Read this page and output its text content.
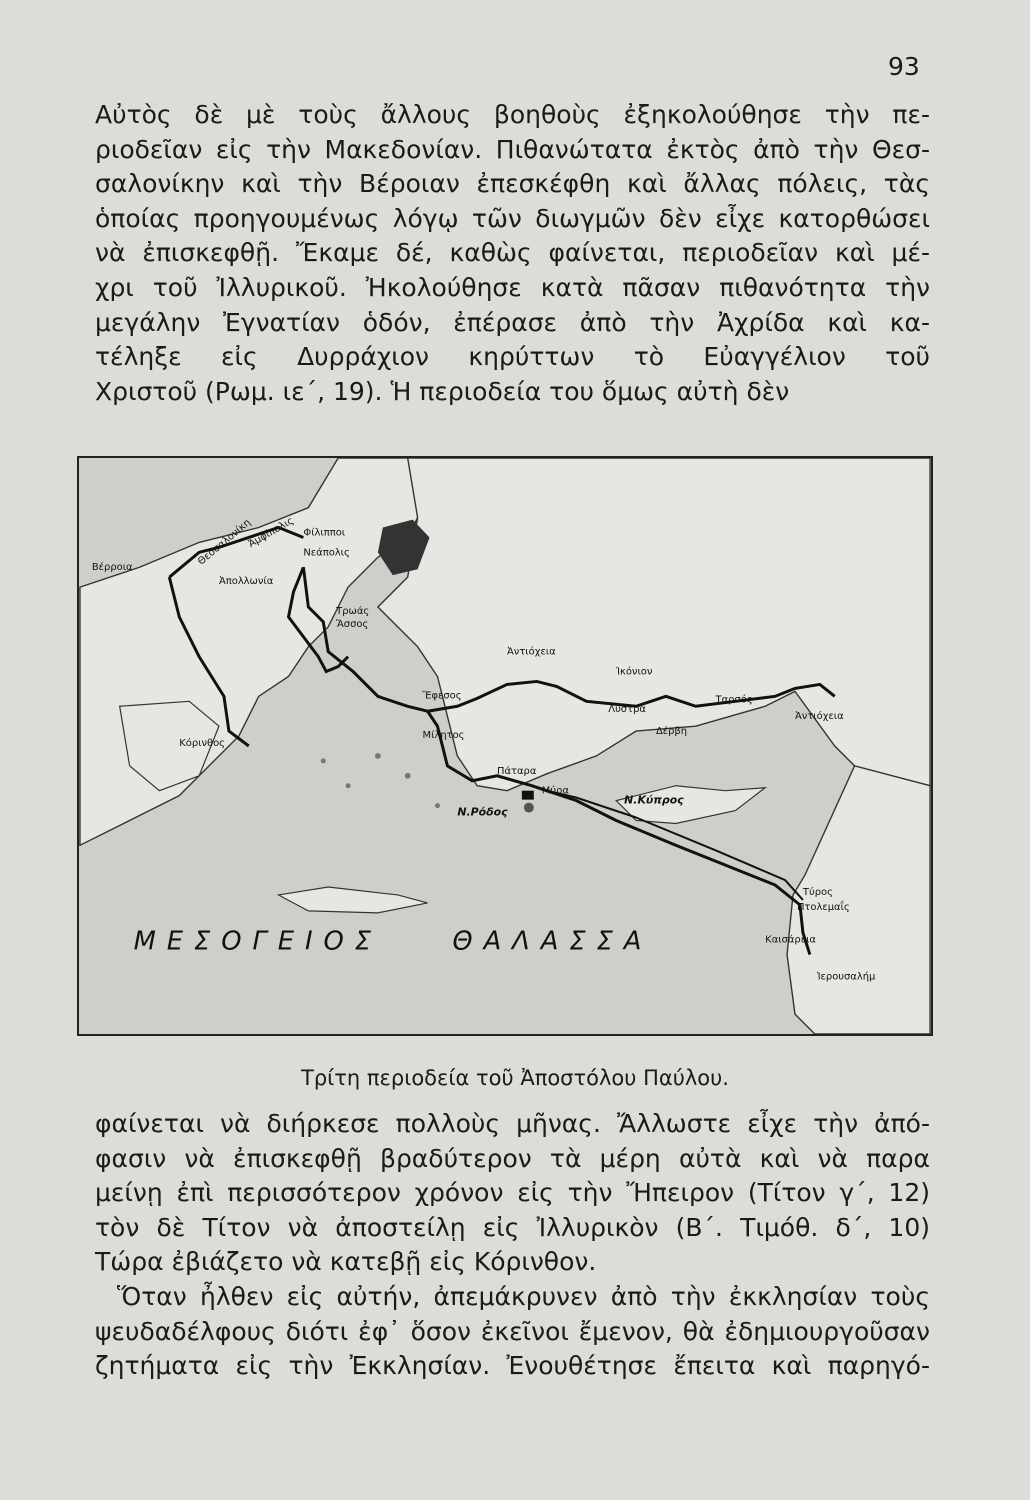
93
Αὐτὸς δὲ μὲ τοὺς ἄλλους βοηθοὺς ἐξηκολούθησε τὴν πε-
ριοδεῖαν εἰς τὴν Μακεδονίαν. Πιθανώτατα ἐκτὸς ἀπὸ τὴν Θεσ-
σαλονίκην καὶ τὴν Βέροιαν ἐπεσκέφθη καὶ ἄλλας πόλεις, τὰς
ὁποίας προηγουμένως λόγῳ τῶν διωγμῶν δὲν εἶχε κατορθώσει
νὰ ἐπισκεφθῇ. Ἔκαμε δέ, καθὼς φαίνεται, περιοδεῖαν καὶ μέ-
χρι τοῦ Ἰλλυρικοῦ. Ἠκολούθησε κατὰ πᾶσαν πιθανότητα τὴν
μεγάλην Ἐγνατίαν ὁδόν, ἐπέρασε ἀπὸ τὴν Ἀχρίδα καὶ κα-
τέληξε εἰς Δυρράχιον κηρύττων τὸ Εὐαγγέλιον τοῦ
Χριστοῦ (Ρωμ. ιε΄, 19). Ἡ περιοδεία του ὅμως αὐτὴ δὲν
Βέρροια
Θεσσαλονίκη
Ἀμφίπολις Φίλιπποι
Νεάπολις
Ἀπολλωνία
Τρωάς
Ἄσσος
Ἀντιόχεια
Ἰκόνιον
Ἔφεσος
Λύστρα
Ταρσός
Ἀντιόχεια
Δέρβη
Μίλητος
Κόρινθος
Πάταρα
Μύρα
Ν.Ρόδος
Ν.Κύπρος
Τύρος
Πτολεμαΐς
Καισάρεια
Ἱερουσαλήμ
ΜΕΣΟΓΕΙΟΣ	ΘΑΛΑΣΣΑ
Τρίτη περιοδεία τοῦ Ἀποστόλου Παύλου.
φαίνεται νὰ διήρκεσε πολλοὺς μῆνας. Ἄλλωστε εἶχε τὴν ἀπό-
φασιν νὰ ἐπισκεφθῇ βραδύτερον τὰ μέρη αὐτὰ καὶ νὰ παρα
μείνῃ ἐπὶ περισσότερον χρόνον εἰς τὴν Ἤπειρον (Τίτον γ΄, 12)
τὸν δὲ Τίτον νὰ ἀποστείλῃ εἰς Ἰλλυρικὸν (Β΄. Τιμόθ. δ΄, 10)
Τώρα ἐβιάζετο νὰ κατεβῇ εἰς Κόρινθον.
Ὅταν ἦλθεν εἰς αὐτήν, ἀπεμάκρυνεν ἀπὸ τὴν ἐκκλησίαν τοὺς
ψευδαδέλφους διότι ἐφ᾿ ὅσον ἐκεῖνοι ἔμενον, θὰ ἐδημιουργοῦσαν
ζητήματα εἰς τὴν Ἐκκλησίαν. Ἐνουθέτησε ἔπειτα καὶ παρηγό-
